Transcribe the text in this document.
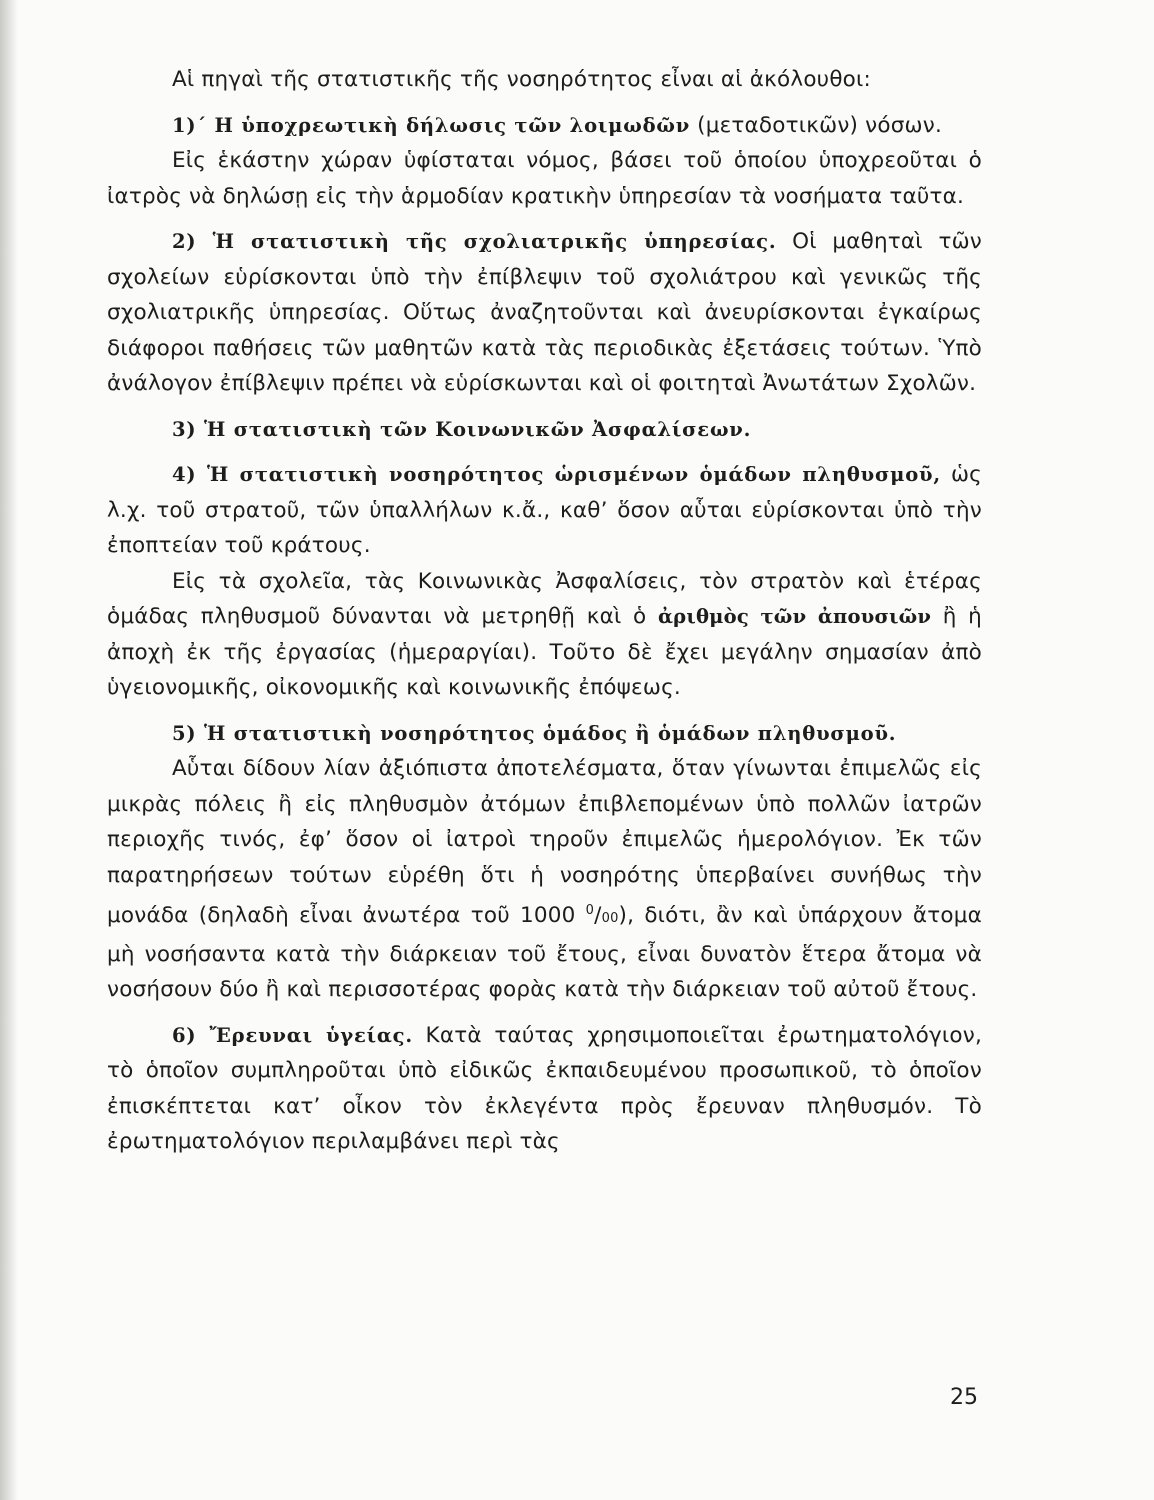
Αἱ πηγαὶ τῆς στατιστικῆς τῆς νοσηρότητος εἶναι αἱ ἀκόλουθοι:

1)΄ Η ὑποχρεωτικὴ δήλωσις τῶν λοιμωδῶν (μεταδοτικῶν) νόσων.

Εἰς ἑκάστην χώραν ὑφίσταται νόμος, βάσει τοῦ ὁποίου ὑποχρεοῦται ὁ ἰατρὸς νὰ δηλώσῃ εἰς τὴν ἁρμοδίαν κρατικὴν ὑπηρεσίαν τὰ νοσήματα ταῦτα.

2) Ἡ στατιστικὴ τῆς σχολιατρικῆς ὑπηρεσίας. Οἱ μαθηταὶ τῶν σχολείων εὑρίσκονται ὑπὸ τὴν ἐπίβλεψιν τοῦ σχολιάτρου καὶ γενικῶς τῆς σχολιατρικῆς ὑπηρεσίας. Οὕτως ἀναζητοῦνται καὶ ἀνευρίσκονται ἐγκαίρως διάφοροι παθήσεις τῶν μαθητῶν κατὰ τὰς περιοδικὰς ἐξετάσεις τούτων. Ὑπὸ ἀνάλογον ἐπίβλεψιν πρέπει νὰ εὑρίσκωνται καὶ οἱ φοιτηταὶ Ἀνωτάτων Σχολῶν.

3) Ἡ στατιστικὴ τῶν Κοινωνικῶν Ἀσφαλίσεων.

4) Ἡ στατιστικὴ νοσηρότητος ὡρισμένων ὁμάδων πληθυσμοῦ, ὡς λ.χ. τοῦ στρατοῦ, τῶν ὑπαλλήλων κ.ἄ., καθ’ ὅσον αὗται εὑρίσκονται ὑπὸ τὴν ἐποπτείαν τοῦ κράτους.

Εἰς τὰ σχολεῖα, τὰς Κοινωνικὰς Ἀσφαλίσεις, τὸν στρατὸν καὶ ἑτέρας ὁμάδας πληθυσμοῦ δύνανται νὰ μετρηθῇ καὶ ὁ ἀριθμὸς τῶν ἀπουσιῶν ἢ ἡ ἀποχὴ ἐκ τῆς ἐργασίας (ἡμεραργίαι). Τοῦτο δὲ ἔχει μεγάλην σημασίαν ἀπὸ ὑγειονομικῆς, οἰκονομικῆς καὶ κοινωνικῆς ἐπόψεως.

5) Ἡ στατιστικὴ νοσηρότητος ὁμάδος ἢ ὁμάδων πληθυσμοῦ.

Αὗται δίδουν λίαν ἀξιόπιστα ἀποτελέσματα, ὅταν γίνωνται ἐπιμελῶς εἰς μικρὰς πόλεις ἢ εἰς πληθυσμὸν ἀτόμων ἐπιβλεπομένων ὑπὸ πολλῶν ἰατρῶν περιοχῆς τινός, ἐφ’ ὅσον οἱ ἰατροὶ τηροῦν ἐπιμελῶς ἡμερολόγιον. Ἐκ τῶν παρατηρήσεων τούτων εὑρέθη ὅτι ἡ νοσηρότης ὑπερβαίνει συνήθως τὴν μονάδα (δηλαδὴ εἶναι ἀνωτέρα τοῦ 1000 $^0$/00), διότι, ἂν καὶ ὑπάρχουν ἄτομα μὴ νοσήσαντα κατὰ τὴν διάρκειαν τοῦ ἔτους, εἶναι δυνατὸν ἕτερα ἄτομα νὰ νοσήσουν δύο ἢ καὶ περισσοτέρας φορὰς κατὰ τὴν διάρκειαν τοῦ αὐτοῦ ἔτους.

6) Ἔρευναι ὑγείας. Κατὰ ταύτας χρησιμοποιεῖται ἐρωτηματολόγιον, τὸ ὁποῖον συμπληροῦται ὑπὸ εἰδικῶς ἐκπαιδευμένου προσωπικοῦ, τὸ ὁποῖον ἐπισκέπτεται κατ’ οἶκον τὸν ἐκλεγέντα πρὸς ἔρευναν πληθυσμόν. Τὸ ἐρωτηματολόγιον περιλαμβάνει περὶ τὰς

25
